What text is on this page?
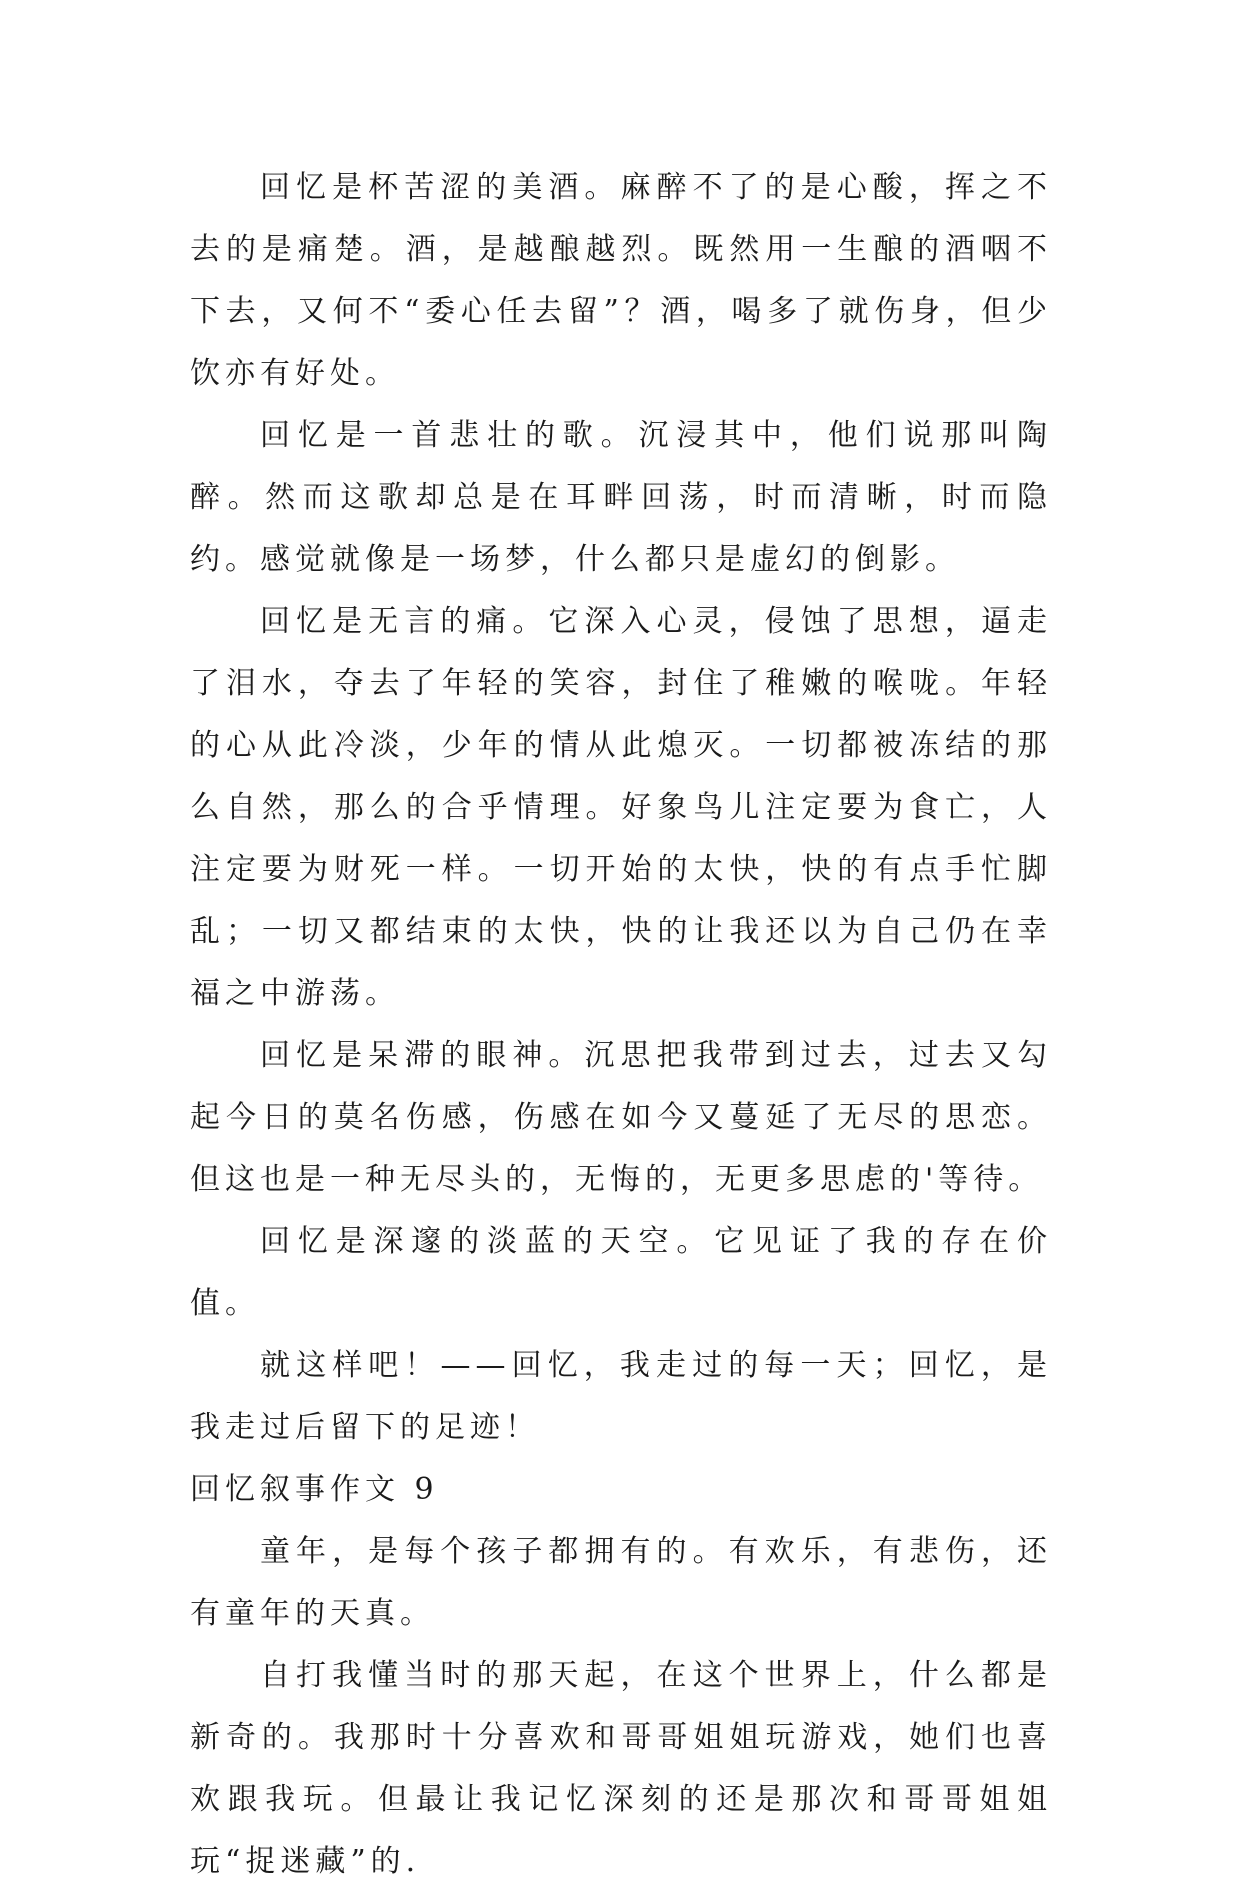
回忆是杯苦涩的美酒。麻醉不了的是心酸，挥之不去的是痛楚。酒，是越酿越烈。既然用一生酿的酒咽不下去，又何不“委心任去留”？酒，喝多了就伤身，但少饮亦有好处。

回忆是一首悲壮的歌。沉浸其中，他们说那叫陶醉。然而这歌却总是在耳畔回荡，时而清晰，时而隐约。感觉就像是一场梦，什么都只是虚幻的倒影。

回忆是无言的痛。它深入心灵，侵蚀了思想，逼走了泪水，夺去了年轻的笑容，封住了稚嫩的喉咙。年轻的心从此冷淡，少年的情从此熄灭。一切都被冻结的那么自然，那么的合乎情理。好象鸟儿注定要为食亡，人注定要为财死一样。一切开始的太快，快的有点手忙脚乱；一切又都结束的太快，快的让我还以为自己仍在幸福之中游荡。

回忆是呆滞的眼神。沉思把我带到过去，过去又勾起今日的莫名伤感，伤感在如今又蔓延了无尽的思恋。但这也是一种无尽头的，无悔的，无更多思虑的'等待。

回忆是深邃的淡蓝的天空。它见证了我的存在价值。

就这样吧！——回忆，我走过的每一天；回忆，是我走过后留下的足迹！

回忆叙事作文 9

童年，是每个孩子都拥有的。有欢乐，有悲伤，还有童年的天真。

自打我懂当时的那天起，在这个世界上，什么都是新奇的。我那时十分喜欢和哥哥姐姐玩游戏，她们也喜欢跟我玩。但最让我记忆深刻的还是那次和哥哥姐姐玩“捉迷藏”的.
